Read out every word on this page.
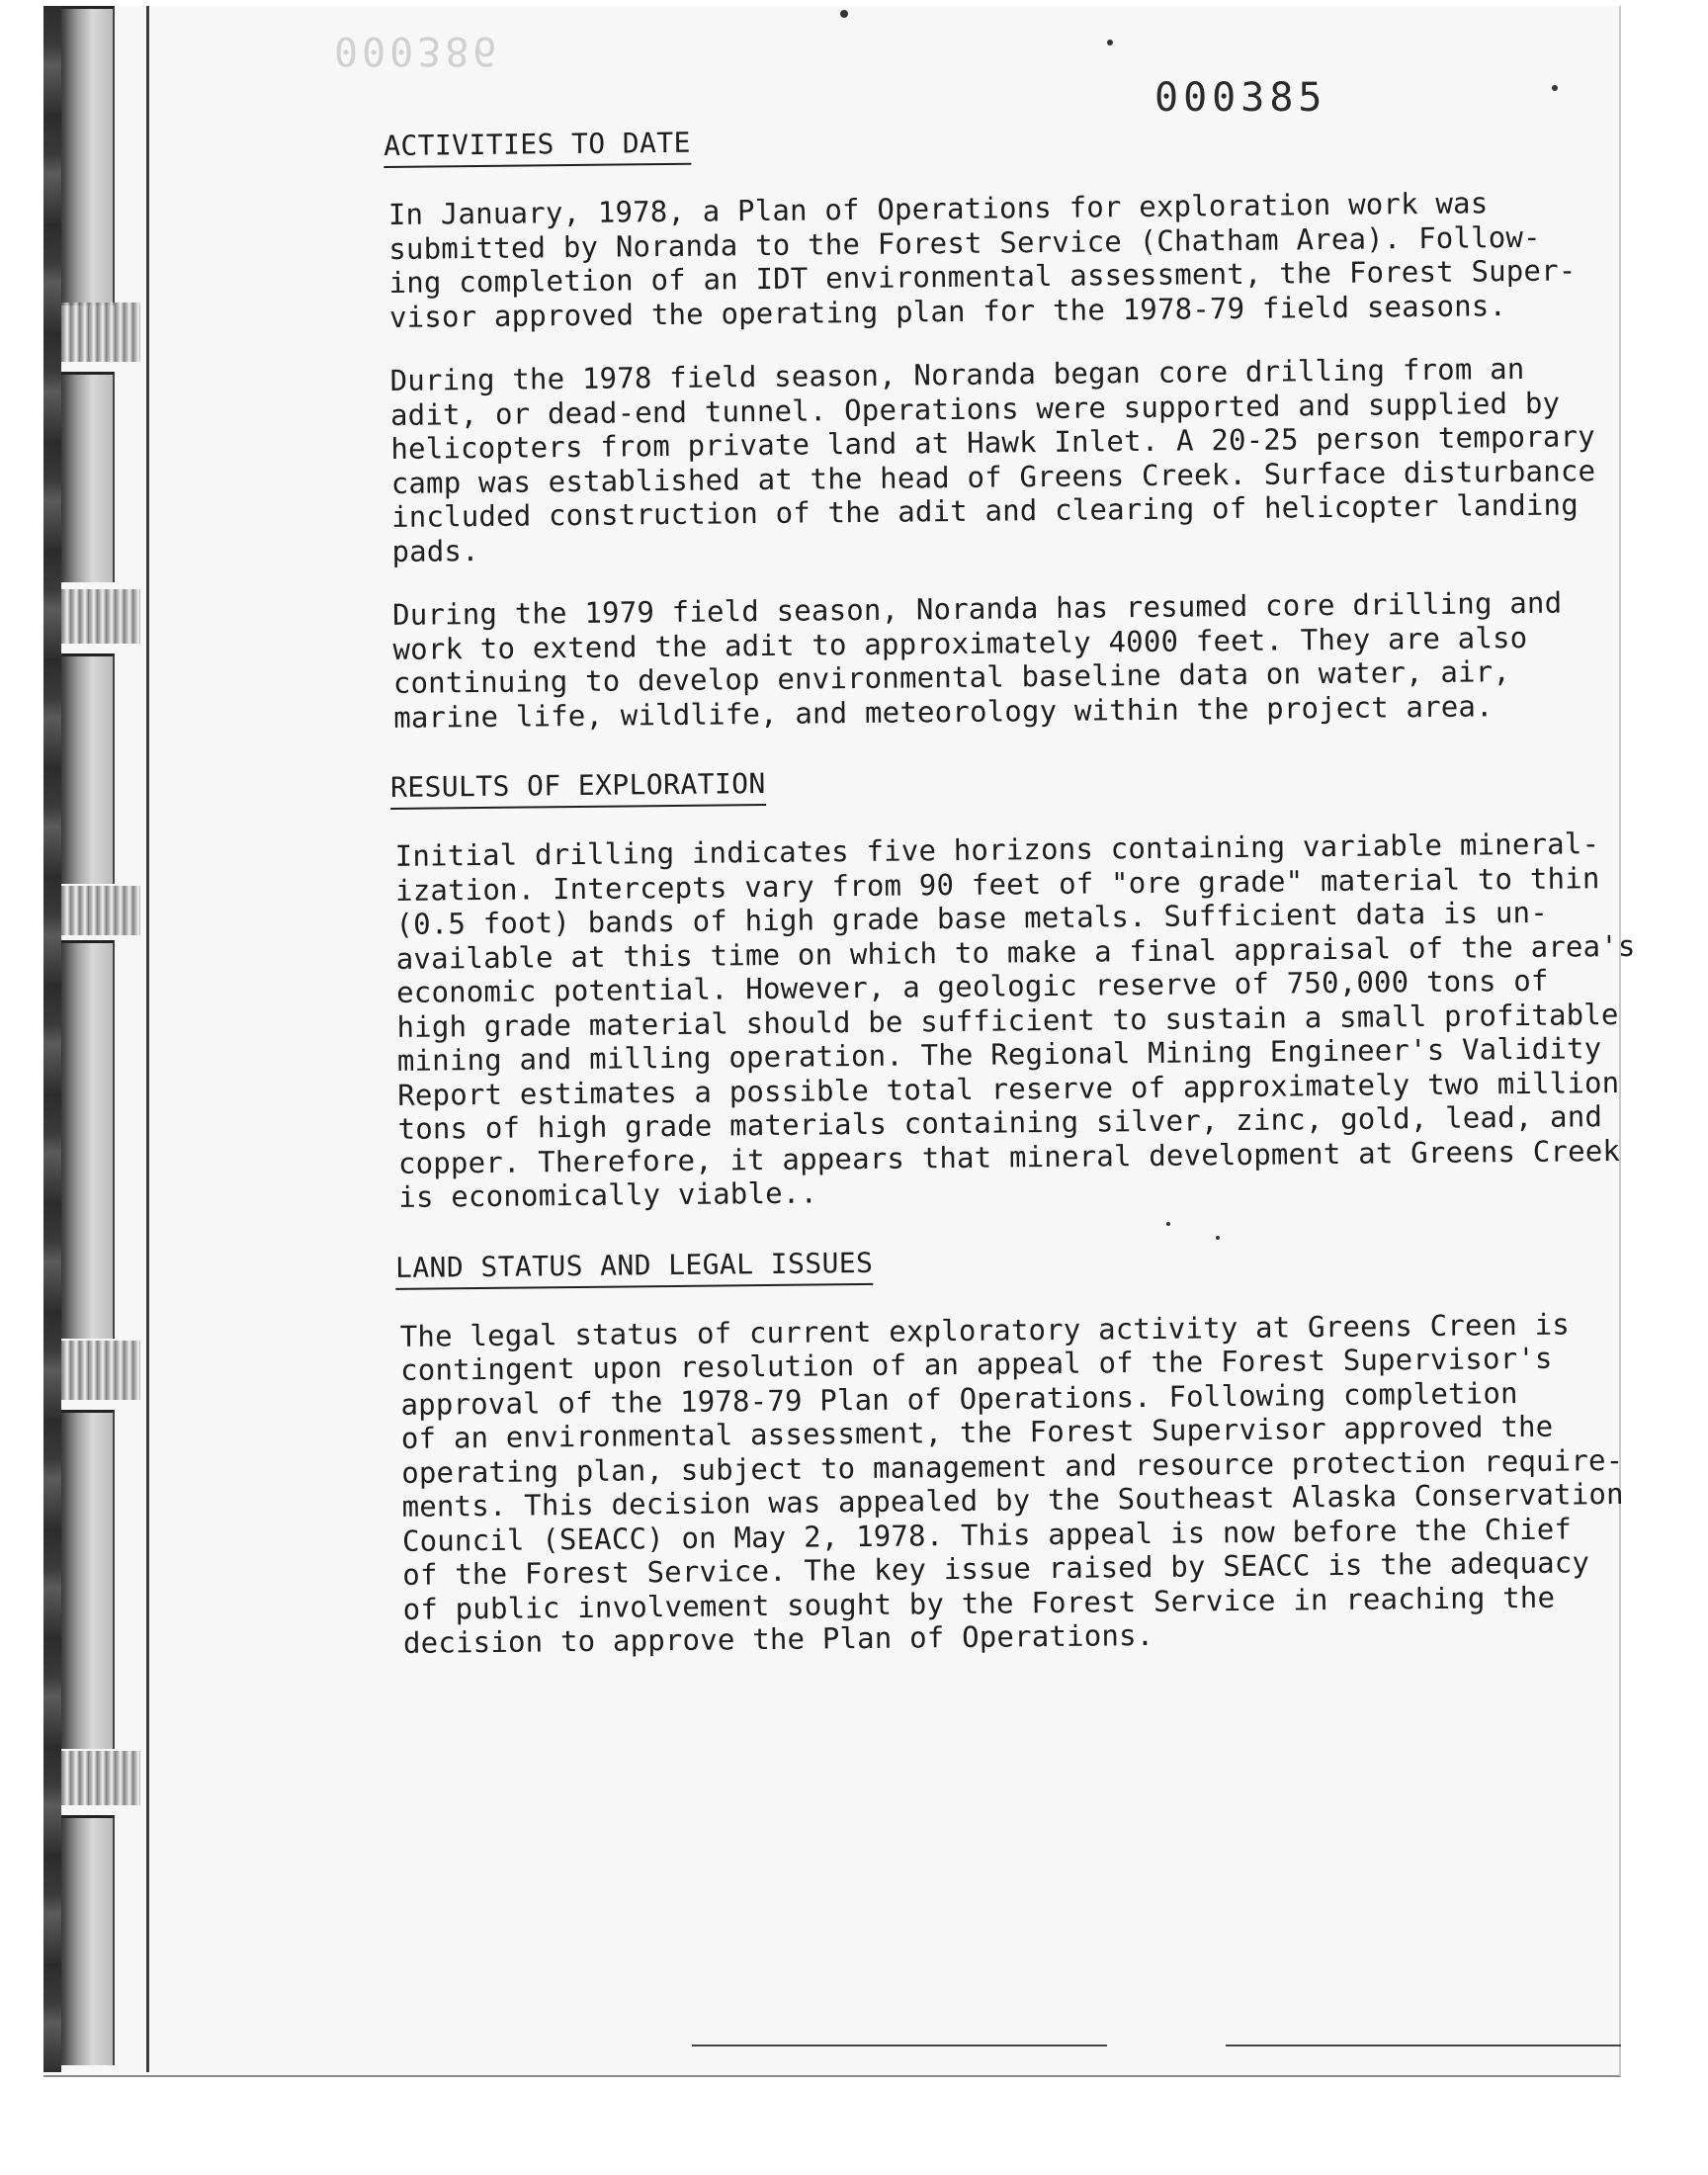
000386
000385
ACTIVITIES TO DATE
In January, 1978, a Plan of Operations for exploration work was
submitted by Noranda to the Forest Service (Chatham Area). Follow-
ing completion of an IDT environmental assessment, the Forest Super-
visor approved the operating plan for the 1978-79 field seasons.
During the 1978 field season, Noranda began core drilling from an
adit, or dead-end tunnel. Operations were supported and supplied by
helicopters from private land at Hawk Inlet. A 20-25 person temporary
camp was established at the head of Greens Creek. Surface disturbance
included construction of the adit and clearing of helicopter landing
pads.
During the 1979 field season, Noranda has resumed core drilling and
work to extend the adit to approximately 4000 feet. They are also
continuing to develop environmental baseline data on water, air,
marine life, wildlife, and meteorology within the project area.
RESULTS OF EXPLORATION
Initial drilling indicates five horizons containing variable mineral-
ization. Intercepts vary from 90 feet of "ore grade" material to thin
(0.5 foot) bands of high grade base metals. Sufficient data is un-
available at this time on which to make a final appraisal of the area's
economic potential. However, a geologic reserve of 750,000 tons of
high grade material should be sufficient to sustain a small profitable
mining and milling operation. The Regional Mining Engineer's Validity
Report estimates a possible total reserve of approximately two million
tons of high grade materials containing silver, zinc, gold, lead, and
copper. Therefore, it appears that mineral development at Greens Creek
is economically viable..
LAND STATUS AND LEGAL ISSUES
The legal status of current exploratory activity at Greens Creen is
contingent upon resolution of an appeal of the Forest Supervisor's
approval of the 1978-79 Plan of Operations. Following completion
of an environmental assessment, the Forest Supervisor approved the
operating plan, subject to management and resource protection require-
ments. This decision was appealed by the Southeast Alaska Conservation
Council (SEACC) on May 2, 1978. This appeal is now before the Chief
of the Forest Service. The key issue raised by SEACC is the adequacy
of public involvement sought by the Forest Service in reaching the
decision to approve the Plan of Operations.
